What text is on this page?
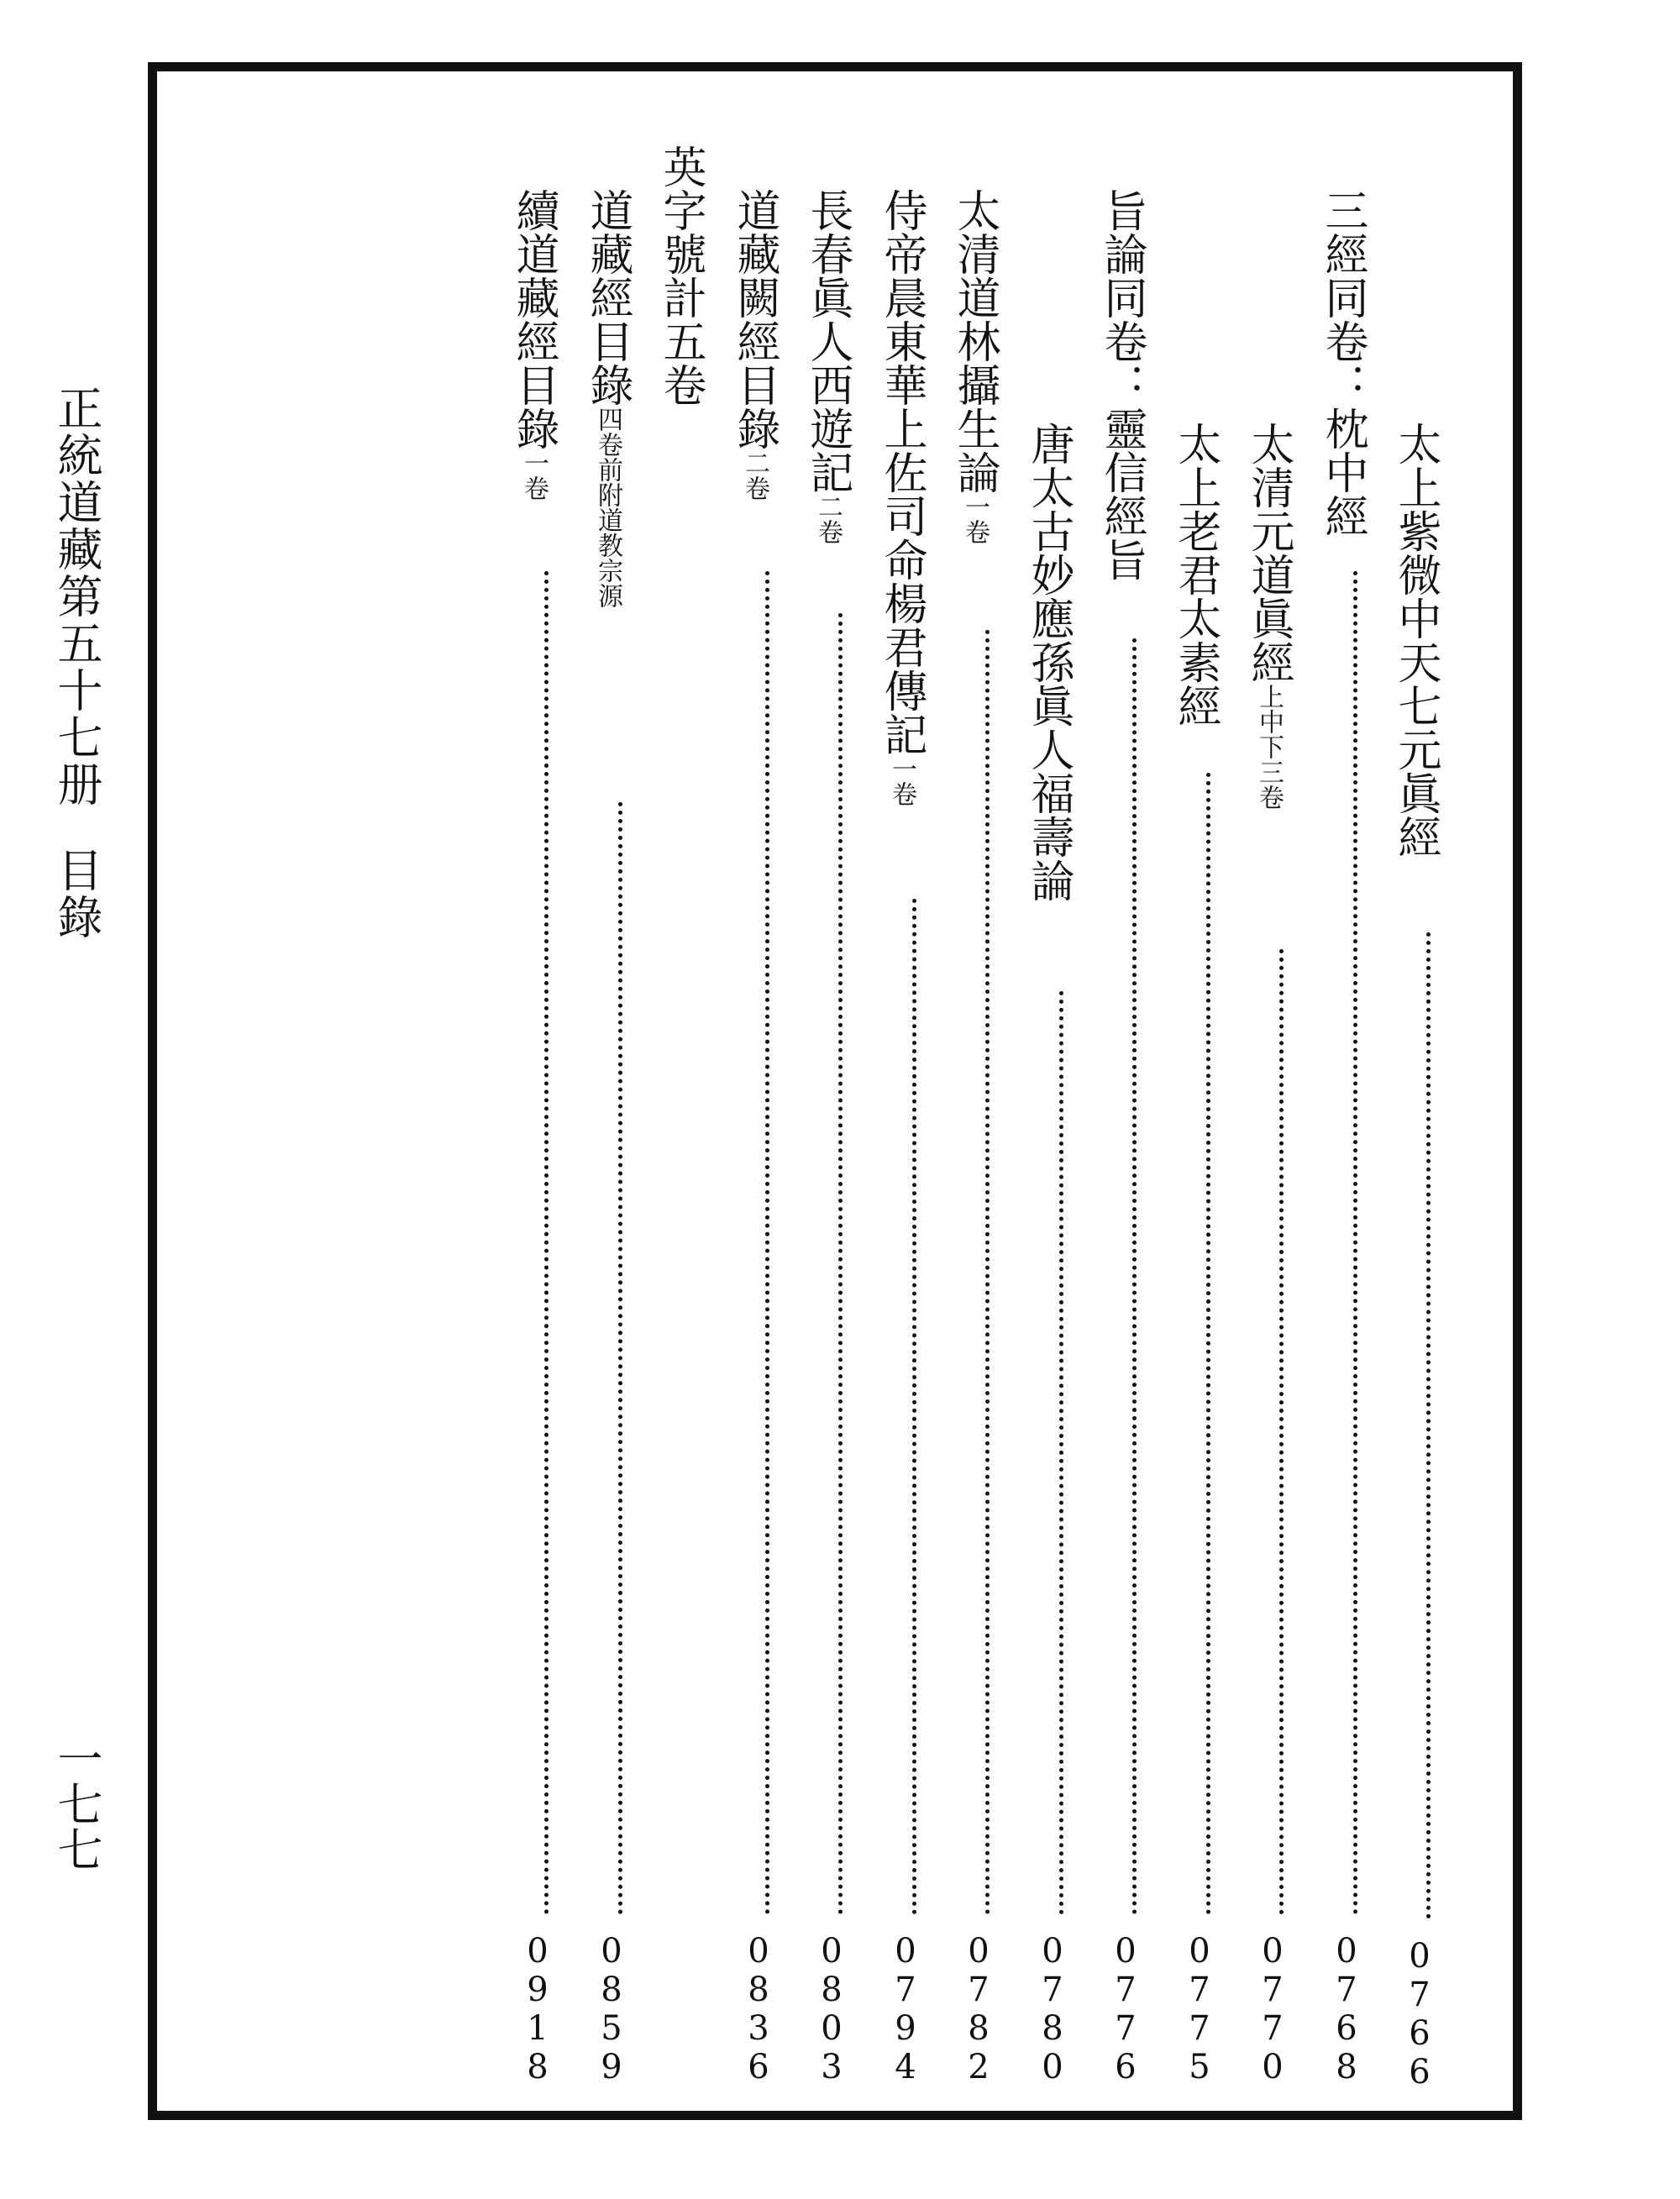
正統道藏第五十七册目錄
一七七
太上紫微中天七元眞經
0766
三經同卷：枕中經
0768
太清元道眞經上中下三卷
0770
太上老君太素經
0775
旨論同卷：靈信經旨
0776
唐太古妙應孫眞人福壽論
0780
太清道林攝生論一卷
0782
侍帝晨東華上佐司命楊君傳記一卷
0794
長春眞人西遊記二卷
0803
道藏闕經目錄二卷
0836
英字號計五卷
道藏經目錄四卷前附道教宗源
0859
續道藏經目錄一卷
0918
